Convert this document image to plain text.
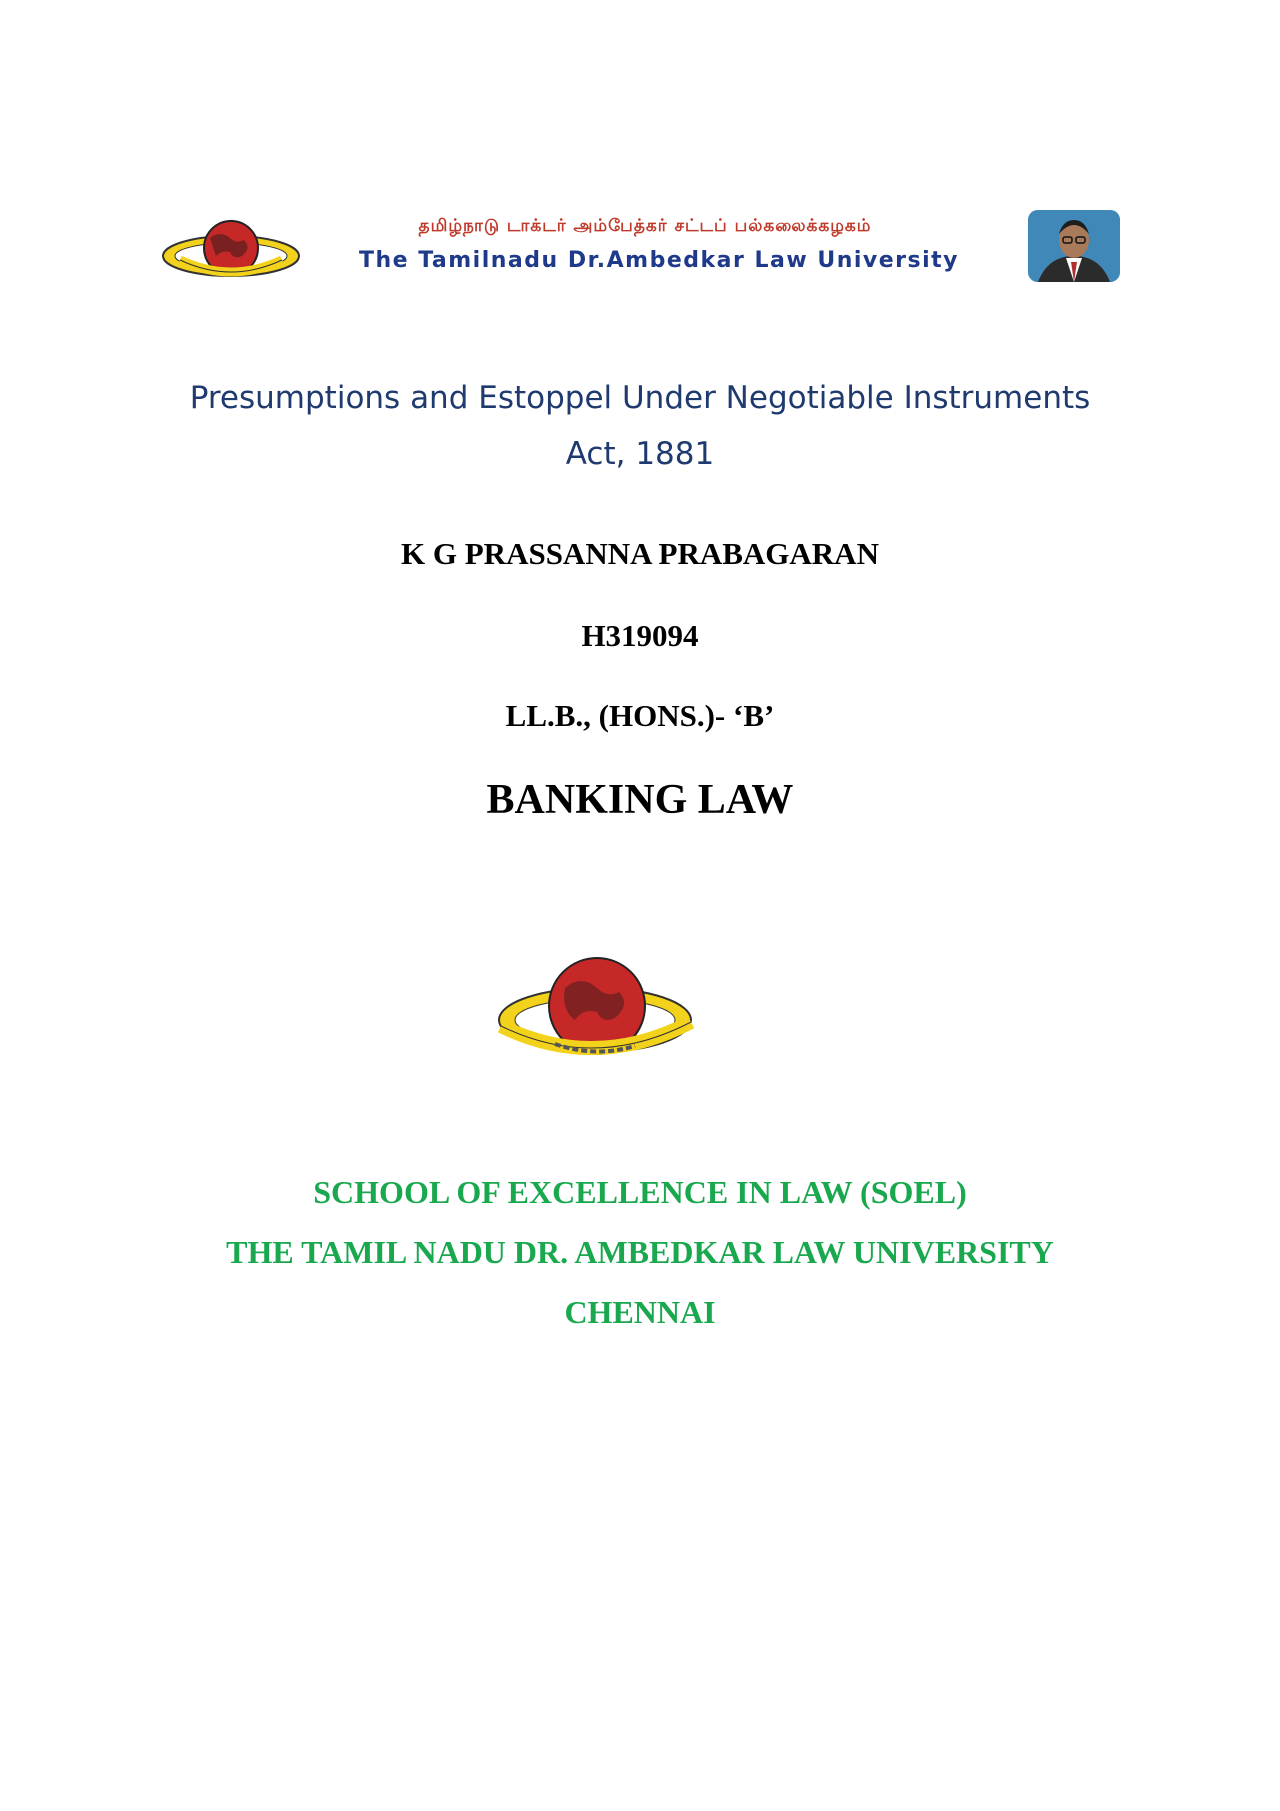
தமிழ்நாடு டாக்டர் அம்பேத்கர் சட்டப் பல்கலைக்கழகம்
The Tamilnadu Dr.Ambedkar Law University
Presumptions and Estoppel Under Negotiable Instruments
Act, 1881
K G PRASSANNA PRABAGARAN
H319094
LL.B., (HONS.)- ‘B’
BANKING LAW
SCHOOL OF EXCELLENCE IN LAW (SOEL)
THE TAMIL NADU DR. AMBEDKAR LAW UNIVERSITY
CHENNAI
